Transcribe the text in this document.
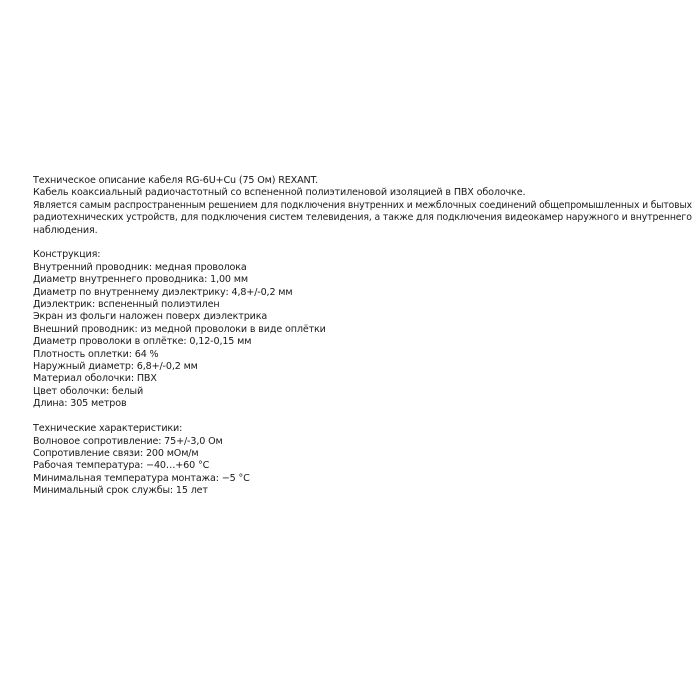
Техническое описание кабеля RG-6U+Cu (75 Ом) REXANT.

Кабель коаксиальный радиочастотный со вспененной полиэтиленовой изоляцией в ПВХ оболочке.

Является самым распространенным решением для подключения внутренних и межблочных соединений общепромышленных и бытовых

радиотехнических устройств, для подключения систем телевидения, а также для подключения видеокамер наружного и внутреннего

наблюдения.

Конструкция:

Внутренний проводник: медная проволока

Диаметр внутреннего проводника: 1,00 мм

Диаметр по внутреннему диэлектрику: 4,8+/-0,2 мм

Диэлектрик: вспененный полиэтилен

Экран из фольги наложен поверх диэлектрика

Внешний проводник: из медной проволоки в виде оплётки

Диаметр проволоки в оплётке: 0,12-0,15 мм

Плотность оплетки: 64 %

Наружный диаметр: 6,8+/-0,2 мм

Материал оболочки: ПВХ

Цвет оболочки: белый

Длина: 305 метров

Технические характеристики:

Волновое сопротивление: 75+/-3,0 Ом

Сопротивление связи: 200 мОм/м

Рабочая температура: −40…+60 °C

Минимальная температура монтажа: −5 °C

Минимальный срок службы: 15 лет
